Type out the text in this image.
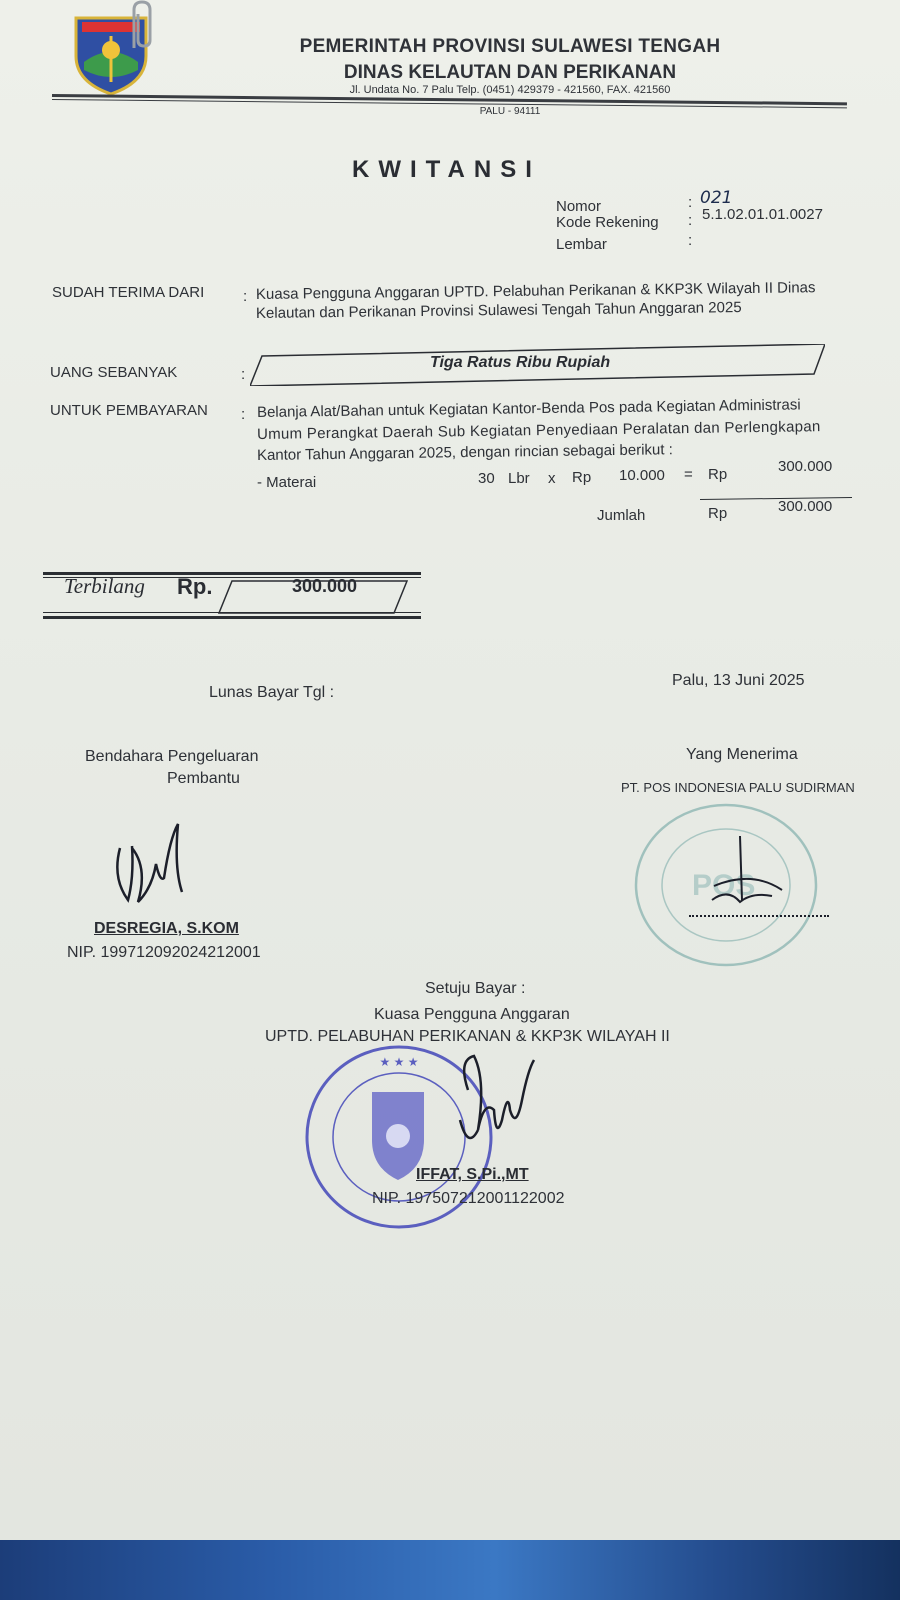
PEMERINTAH PROVINSI SULAWESI TENGAH
DINAS KELAUTAN DAN PERIKANAN
Jl. Undata No. 7 Palu Telp. (0451) 429379 - 421560, FAX. 421560
PALU - 94111
KWITANSI
Nomor	: 021
Kode Rekening : 5.1.02.01.01.0027
Lembar	:
SUDAH TERIMA DARI	: Kuasa Pengguna Anggaran UPTD. Pelabuhan Perikanan & KKP3K Wilayah II Dinas
Kelautan dan Perikanan Provinsi Sulawesi Tengah Tahun Anggaran 2025
UANG SEBANYAK	:
Tiga Ratus Ribu Rupiah
UNTUK PEMBAYARAN : Belanja Alat/Bahan untuk Kegiatan Kantor-Benda Pos pada Kegiatan Administrasi
Umum Perangkat Daerah Sub Kegiatan Penyediaan Peralatan dan Perlengkapan
Kantor Tahun Anggaran 2025, dengan rincian sebagai berikut :
- Materai	30 Lbr x Rp 10.000 = Rp	300.000
Jumlah	Rp	300.000
Terbilang Rp.	300.000
Lunas Bayar Tgl :
Palu, 13 Juni 2025
Bendahara Pengeluaran
Pembantu
DESREGIA, S.KOM
NIP. 199712092024212001
Yang Menerima
PT. POS INDONESIA PALU SUDIRMAN
POS
Setuju Bayar :
Kuasa Pengguna Anggaran
UPTD. PELABUHAN PERIKANAN & KKP3K WILAYAH II
★ ★ ★
IFFAT, S.Pi.,MT
NIP. 197507212001122002
